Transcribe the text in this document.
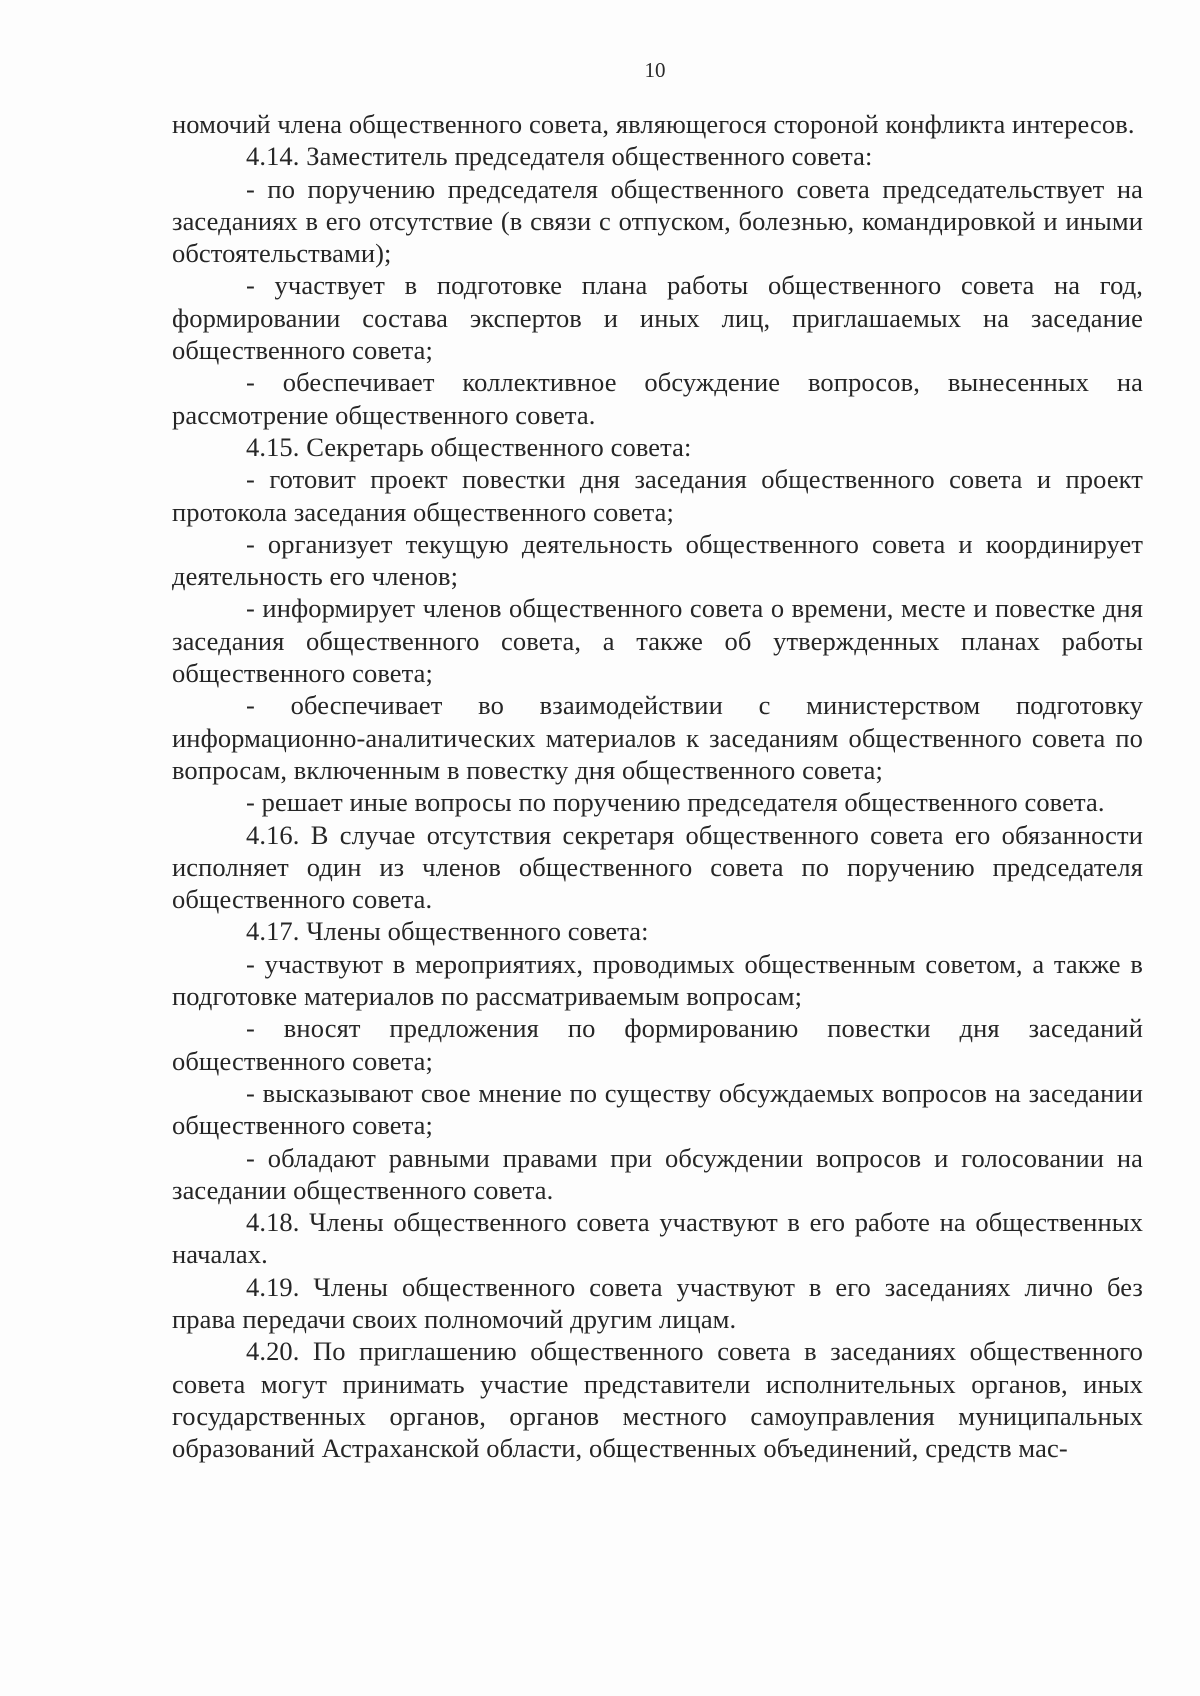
10

номочий члена общественного совета, являющегося стороной конфликта интересов.

4.14. Заместитель председателя общественного совета:

- по поручению председателя общественного совета председательствует на заседаниях в его отсутствие (в связи с отпуском, болезнью, командировкой и иными обстоятельствами);

- участвует в подготовке плана работы общественного совета на год, формировании состава экспертов и иных лиц, приглашаемых на заседание общественного совета;

- обеспечивает коллективное обсуждение вопросов, вынесенных на рассмотрение общественного совета.

4.15. Секретарь общественного совета:

- готовит проект повестки дня заседания общественного совета и проект протокола заседания общественного совета;

- организует текущую деятельность общественного совета и координирует деятельность его членов;

- информирует членов общественного совета о времени, месте и повестке дня заседания общественного совета, а также об утвержденных планах работы общественного совета;

- обеспечивает во взаимодействии с министерством подготовку информационно-аналитических материалов к заседаниям общественного совета по вопросам, включенным в повестку дня общественного совета;

- решает иные вопросы по поручению председателя общественного совета.

4.16. В случае отсутствия секретаря общественного совета его обязанности исполняет один из членов общественного совета по поручению председателя общественного совета.

4.17. Члены общественного совета:

- участвуют в мероприятиях, проводимых общественным советом, а также в подготовке материалов по рассматриваемым вопросам;

- вносят предложения по формированию повестки дня заседаний общественного совета;

- высказывают свое мнение по существу обсуждаемых вопросов на заседании общественного совета;

- обладают равными правами при обсуждении вопросов и голосовании на заседании общественного совета.

4.18. Члены общественного совета участвуют в его работе на общественных началах.

4.19. Члены общественного совета участвуют в его заседаниях лично без права передачи своих полномочий другим лицам.

4.20. По приглашению общественного совета в заседаниях общественного совета могут принимать участие представители исполнительных органов, иных государственных органов, органов местного самоуправления муниципальных образований Астраханской области, общественных объединений, средств мас-
